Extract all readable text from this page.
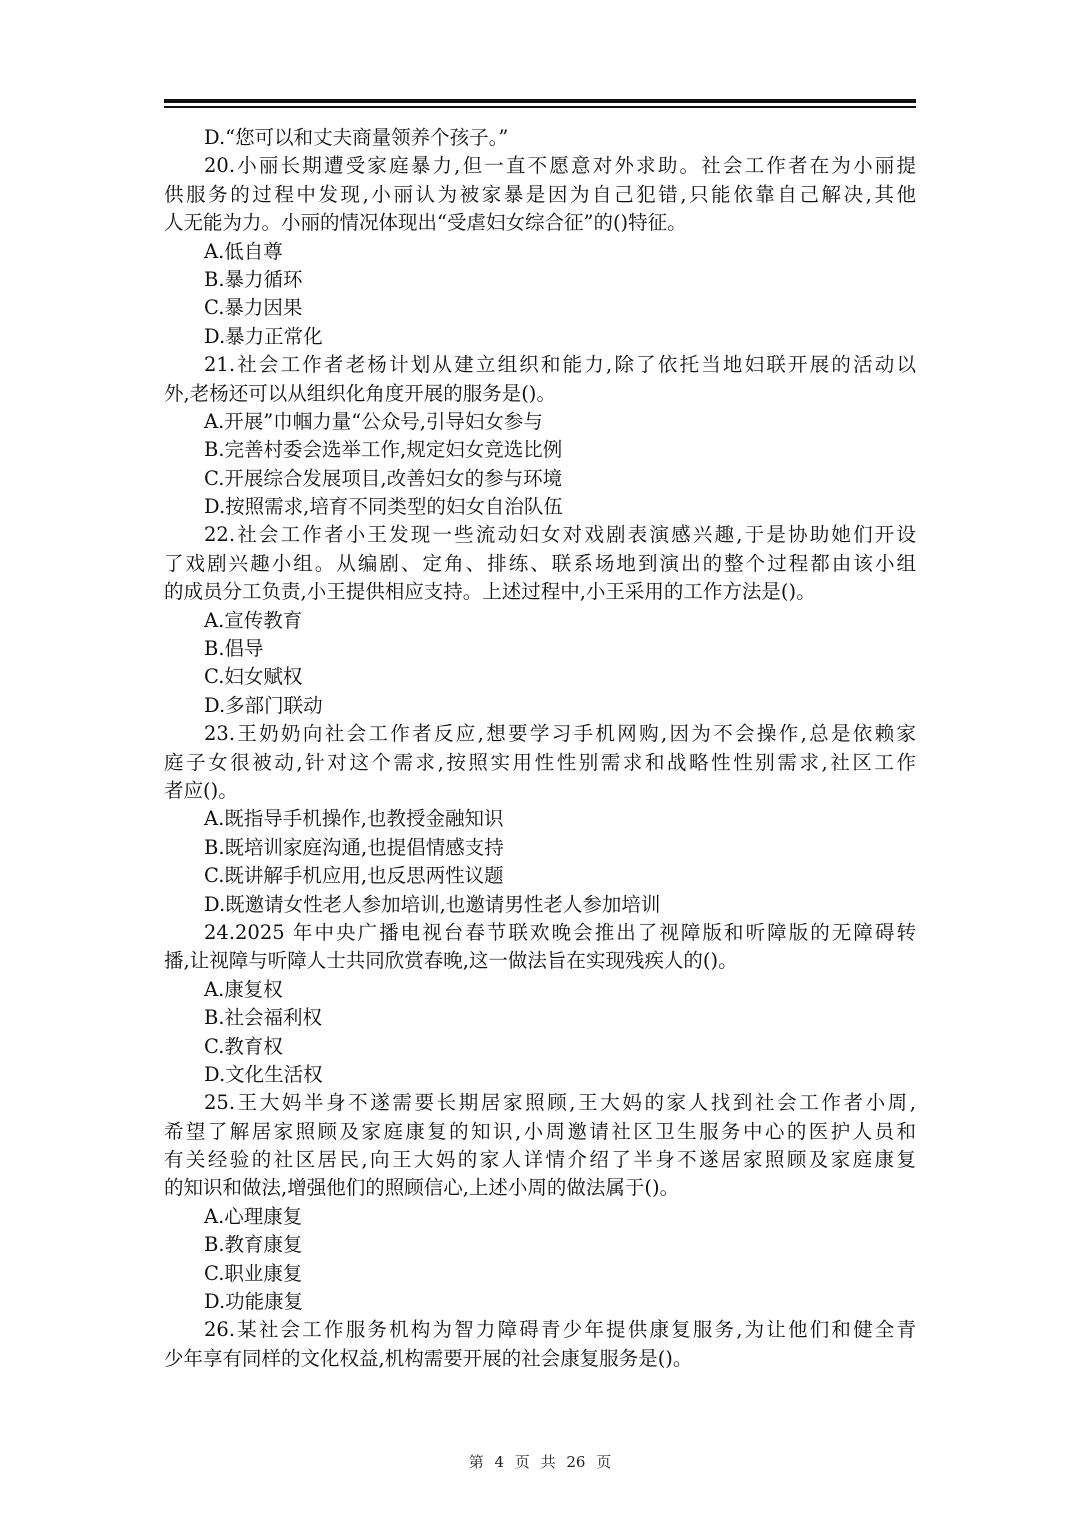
D.“您可以和丈夫商量领养个孩子。”
20.小丽长期遭受家庭暴力,但一直不愿意对外求助。社会工作者在为小丽提
供服务的过程中发现,小丽认为被家暴是因为自己犯错,只能依靠自己解决,其他
人无能为力。小丽的情况体现出“受虐妇女综合征”的()特征。
A.低自尊
B.暴力循环
C.暴力因果
D.暴力正常化
21.社会工作者老杨计划从建立组织和能力,除了依托当地妇联开展的活动以
外,老杨还可以从组织化角度开展的服务是()。
A.开展”巾帼力量“公众号,引导妇女参与
B.完善村委会选举工作,规定妇女竞选比例
C.开展综合发展项目,改善妇女的参与环境
D.按照需求,培育不同类型的妇女自治队伍
22.社会工作者小王发现一些流动妇女对戏剧表演感兴趣,于是协助她们开设
了戏剧兴趣小组。从编剧、定角、排练、联系场地到演出的整个过程都由该小组
的成员分工负责,小王提供相应支持。上述过程中,小王采用的工作方法是()。
A.宣传教育
B.倡导
C.妇女赋权
D.多部门联动
23.王奶奶向社会工作者反应,想要学习手机网购,因为不会操作,总是依赖家
庭子女很被动,针对这个需求,按照实用性性别需求和战略性性别需求,社区工作
者应()。
A.既指导手机操作,也教授金融知识
B.既培训家庭沟通,也提倡情感支持
C.既讲解手机应用,也反思两性议题
D.既邀请女性老人参加培训,也邀请男性老人参加培训
24.2025 年中央广播电视台春节联欢晚会推出了视障版和听障版的无障碍转
播,让视障与听障人士共同欣赏春晚,这一做法旨在实现残疾人的()。
A.康复权
B.社会福利权
C.教育权
D.文化生活权
25.王大妈半身不遂需要长期居家照顾,王大妈的家人找到社会工作者小周,
希望了解居家照顾及家庭康复的知识,小周邀请社区卫生服务中心的医护人员和
有关经验的社区居民,向王大妈的家人详情介绍了半身不遂居家照顾及家庭康复
的知识和做法,增强他们的照顾信心,上述小周的做法属于()。
A.心理康复
B.教育康复
C.职业康复
D.功能康复
26.某社会工作服务机构为智力障碍青少年提供康复服务,为让他们和健全青
少年享有同样的文化权益,机构需要开展的社会康复服务是()。
第 4 页 共 26 页
